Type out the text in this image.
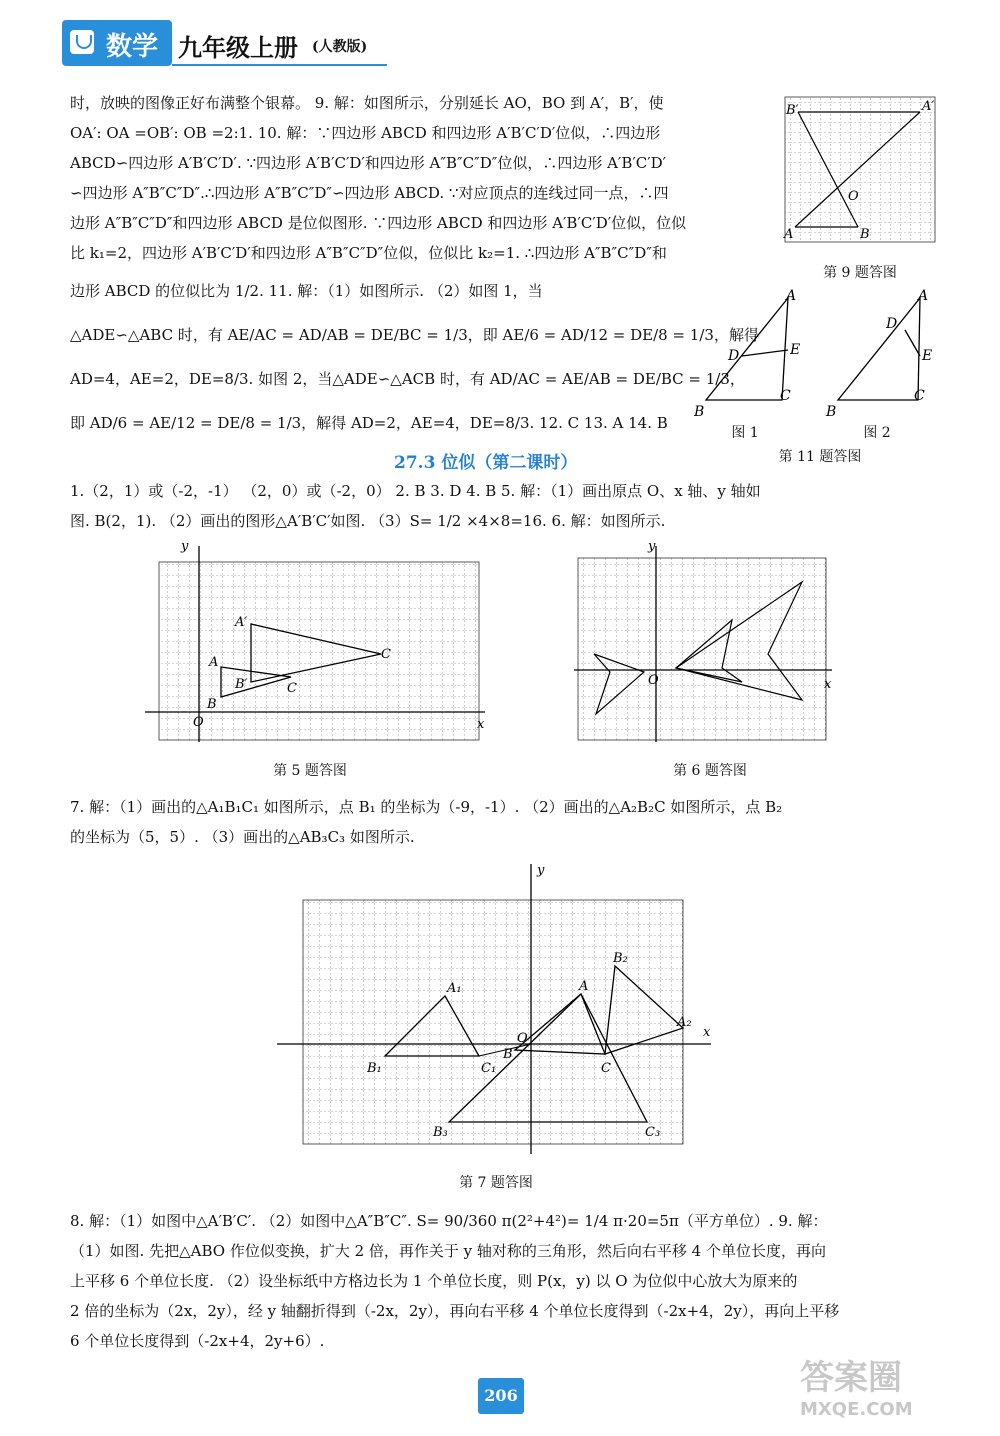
数学 九年级上册 (人教版)
时，放映的图像正好布满整个银幕。 9. 解：如图所示，分别延长 AO，BO 到 A′，B′，使
OA′: OA =OB′: OB =2:1. 10. 解：∵四边形 ABCD 和四边形 A′B′C′D′位似，∴四边形
ABCD∽四边形 A′B′C′D′. ∵四边形 A′B′C′D′和四边形 A″B″C″D″位似，∴四边形 A′B′C′D′
∽四边形 A″B″C″D″.∴四边形 A″B″C″D″∽四边形 ABCD. ∵对应顶点的连线过同一点，∴四
边形 A″B″C″D″和四边形 ABCD 是位似图形. ∵四边形 ABCD 和四边形 A′B′C′D′位似，位似
比 k₁=2，四边形 A′B′C′D′和四边形 A″B″C″D″位似，位似比 k₂=1. ∴四边形 A″B″C″D″和
边形 ABCD 的位似比为 1/2. 11. 解：（1）如图所示. （2）如图 1，当
△ADE∽△ABC 时，有 AE/AC = AD/AB = DE/BC = 1/3，即 AE/6 = AD/12 = DE/8 = 1/3，解得
AD=4，AE=2，DE=8/3. 如图 2，当△ADE∽△ACB 时，有 AD/AC = AE/AB = DE/BC = 1/3，
即 AD/6 = AE/12 = DE/8 = 1/3，解得 AD=2，AE=4，DE=8/3. 12. C 13. A 14. B
B′	A′
O
A	B
第 9 题答图
A
B
C
D	E
A
B
C
D
E
图 1	图 2
第 11 题答图
27.3 位似（第二课时）
1.（2，1）或（-2，-1） （2，0）或（-2，0） 2. B 3. D 4. B 5. 解：（1）画出原点 O、x 轴、y 轴如
图. B(2，1). （2）画出的图形△A′B′C′如图. （3）S= 1/2 ×4×8=16. 6. 解：如图所示.
y
x
O
A
B
C
A′
B′
C
第 5 题答图
y
x
O
第 6 题答图
7. 解：（1）画出的△A₁B₁C₁ 如图所示，点 B₁ 的坐标为（-9，-1）. （2）画出的△A₂B₂C 如图所示，点 B₂
的坐标为（5，5）. （3）画出的△AB₃C₃ 如图所示.
y
x
O
A
B
C
A₁
B₁	C₁
A₂
B₂
B₃	C₃
第 7 题答图
8. 解：（1）如图中△A′B′C′. （2）如图中△A″B″C″. S= 90/360 π(2²+4²)= 1/4 π·20=5π（平方单位）. 9. 解：
（1）如图. 先把△ABO 作位似变换，扩大 2 倍，再作关于 y 轴对称的三角形，然后向右平移 4 个单位长度，再向
上平移 6 个单位长度. （2）设坐标纸中方格边长为 1 个单位长度，则 P(x，y) 以 O 为位似中心放大为原来的
2 倍的坐标为（2x，2y），经 y 轴翻折得到（-2x，2y），再向右平移 4 个单位长度得到（-2x+4，2y），再向上平移
6 个单位长度得到（-2x+4，2y+6）.
206	答案圈
MXQE.COM
